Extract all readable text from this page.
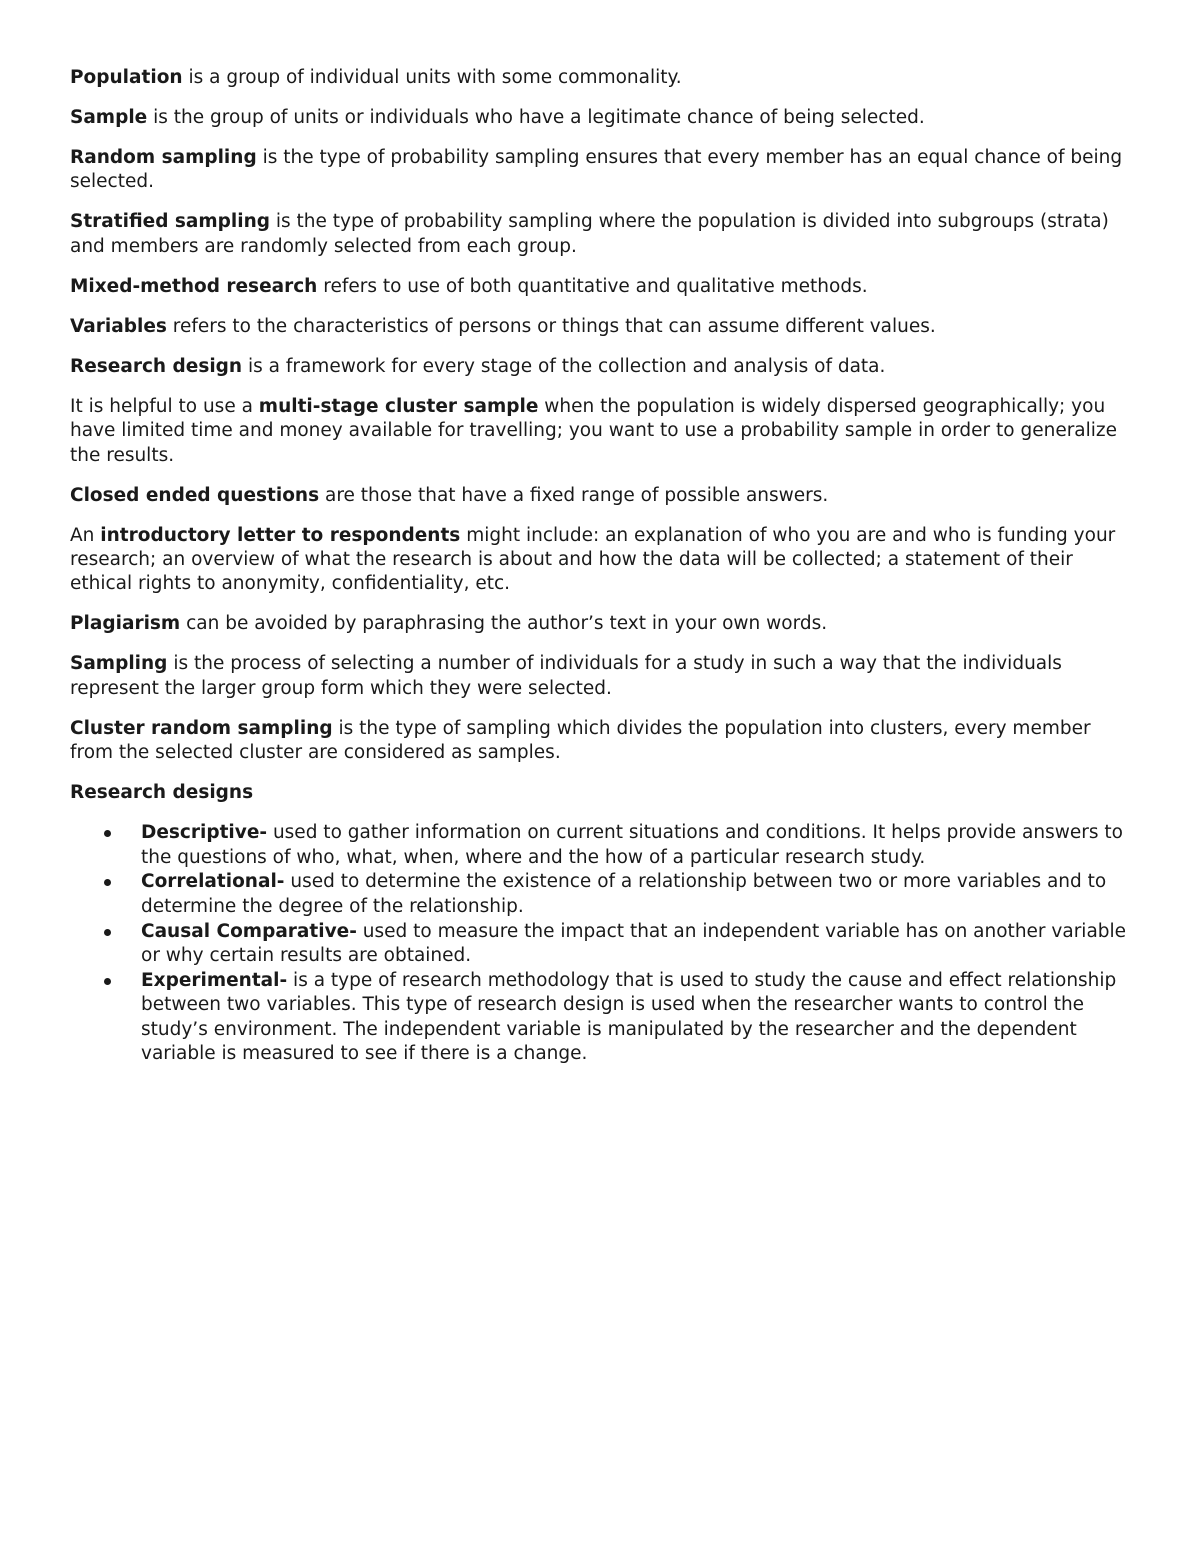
Population is a group of individual units with some commonality.

Sample is the group of units or individuals who have a legitimate chance of being selected.

Random sampling is the type of probability sampling ensures that every member has an equal chance of being selected.

Stratified sampling is the type of probability sampling where the population is divided into subgroups (strata) and members are randomly selected from each group.

Mixed-method research refers to use of both quantitative and qualitative methods.

Variables refers to the characteristics of persons or things that can assume different values.

Research design is a framework for every stage of the collection and analysis of data.

It is helpful to use a multi-stage cluster sample when the population is widely dispersed geographically; you have limited time and money available for travelling; you want to use a probability sample in order to generalize the results.

Closed ended questions are those that have a fixed range of possible answers.

An introductory letter to respondents might include: an explanation of who you are and who is funding your research; an overview of what the research is about and how the data will be collected; a statement of their ethical rights to anonymity, confidentiality, etc.

Plagiarism can be avoided by paraphrasing the author’s text in your own words.

Sampling is the process of selecting a number of individuals for a study in such a way that the individuals represent the larger group form which they were selected.

Cluster random sampling is the type of sampling which divides the population into clusters, every member from the selected cluster are considered as samples.

Research designs

Descriptive- used to gather information on current situations and conditions. It helps provide answers to the questions of who, what, when, where and the how of a particular research study.
Correlational- used to determine the existence of a relationship between two or more variables and to determine the degree of the relationship.
Causal Comparative- used to measure the impact that an independent variable has on another variable or why certain results are obtained.
Experimental- is a type of research methodology that is used to study the cause and effect relationship between two variables. This type of research design is used when the researcher wants to control the study’s environment. The independent variable is manipulated by the researcher and the dependent variable is measured to see if there is a change.
